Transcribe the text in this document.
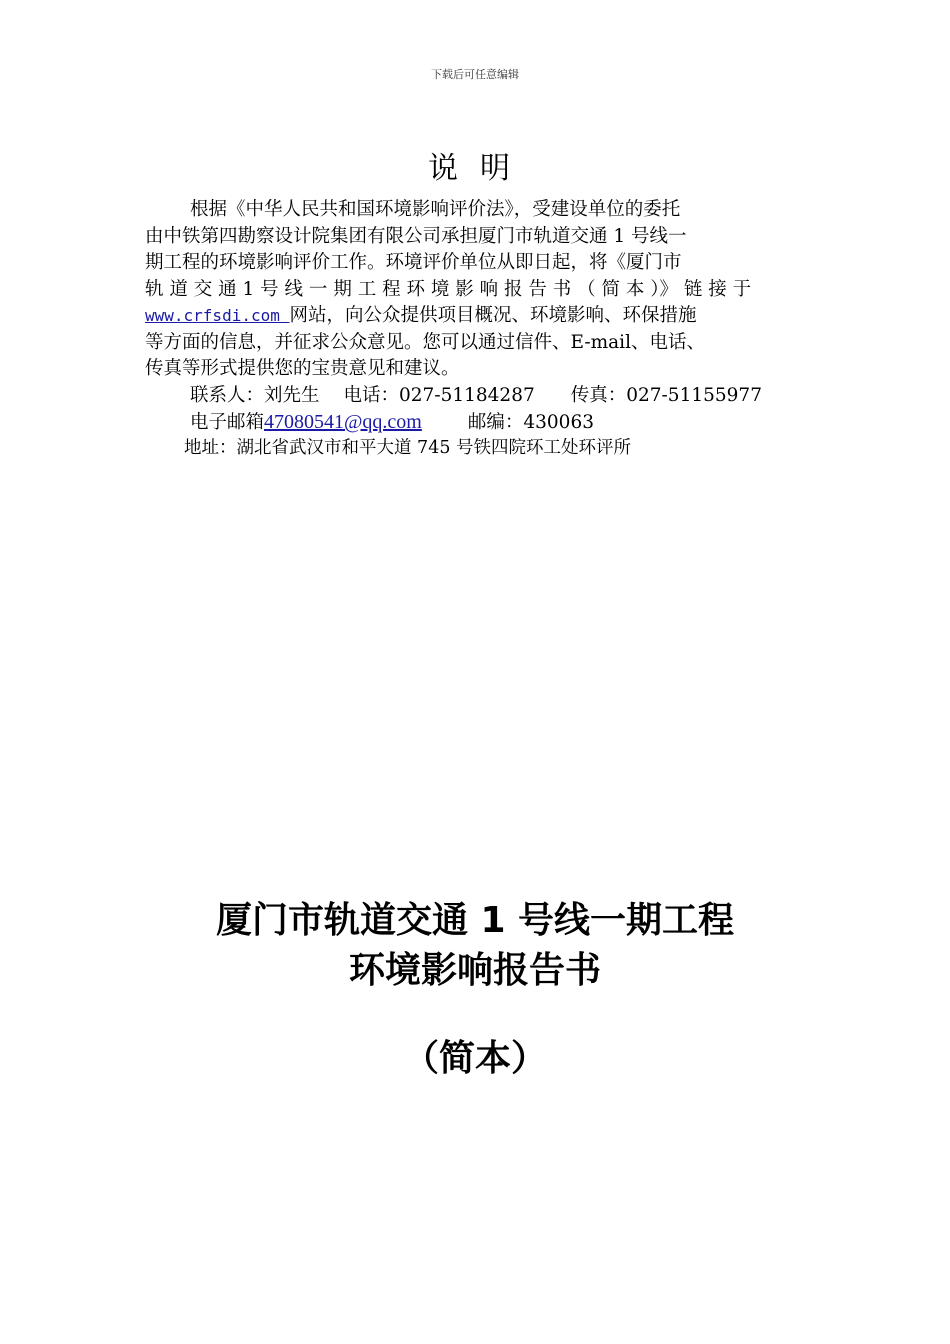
下载后可任意编辑
说明
根据《中华人民共和国环境影响评价法》，受建设单位的委托
由中铁第四勘察设计院集团有限公司承担厦门市轨道交通 1 号线一
期工程的环境影响评价工作。环境评价单位从即日起，将《厦门市
轨 道 交 通 1 号 线 一 期 工 程 环 境 影 响 报 告 书 （ 简 本 ）》 链 接 于
www.crfsdi.com 网站，向公众提供项目概况、环境影响、环保措施
等方面的信息，并征求公众意见。您可以通过信件、E-mail、电话、
传真等形式提供您的宝贵意见和建议。
联系人：刘先生 电话：027-51184287 传真：027-51155977
电子邮箱47080541@qq.com 邮编：430063
地址：湖北省武汉市和平大道 745 号铁四院环工处环评所
厦门市轨道交通 1 号线一期工程
环境影响报告书
（简本）
